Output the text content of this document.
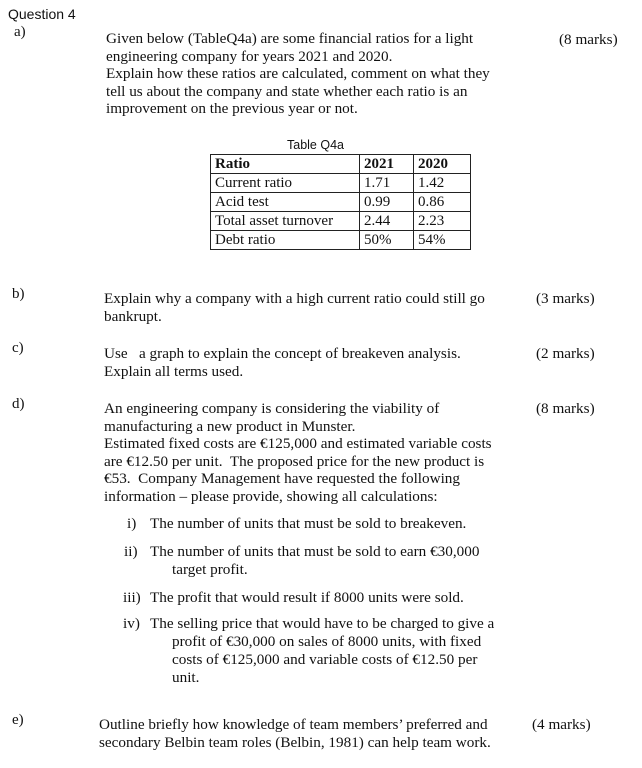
Question 4
a)	Given below (TableQ4a) are some financial ratios for a light

engineering company for years 2021 and 2020.

Explain how these ratios are calculated, comment on what they

tell us about the company and state whether each ratio is an

improvement on the previous year or not.

(8 marks)
Table Q4a
Ratio	2021	2020
Current ratio	1.71	1.42
Acid test	0.99	0.86
Total asset turnover	2.44	2.23
Debt ratio	50%	54%
b)	Explain why a company with a high current ratio could still go

bankrupt.

(3 marks)
c)	Use   a graph to explain the concept of breakeven analysis.

Explain all terms used.

(2 marks)
d)	An engineering company is considering the viability of

manufacturing a new product in Munster.

Estimated fixed costs are €125,000 and estimated variable costs

are €12.50 per unit.  The proposed price for the new product is

€53.  Company Management have requested the following

information – please provide, showing all calculations:

(8 marks)
i) The number of units that must be sold to breakeven.
ii) The number of units that must be sold to earn €30,000
target profit.
iii) The profit that would result if 8000 units were sold.
iv) The selling price that would have to be charged to give a
profit of €30,000 on sales of 8000 units, with fixed
costs of €125,000 and variable costs of €12.50 per
unit.
e)	Outline briefly how knowledge of team members’ preferred and

secondary Belbin team roles (Belbin, 1981) can help team work.

(4 marks)
